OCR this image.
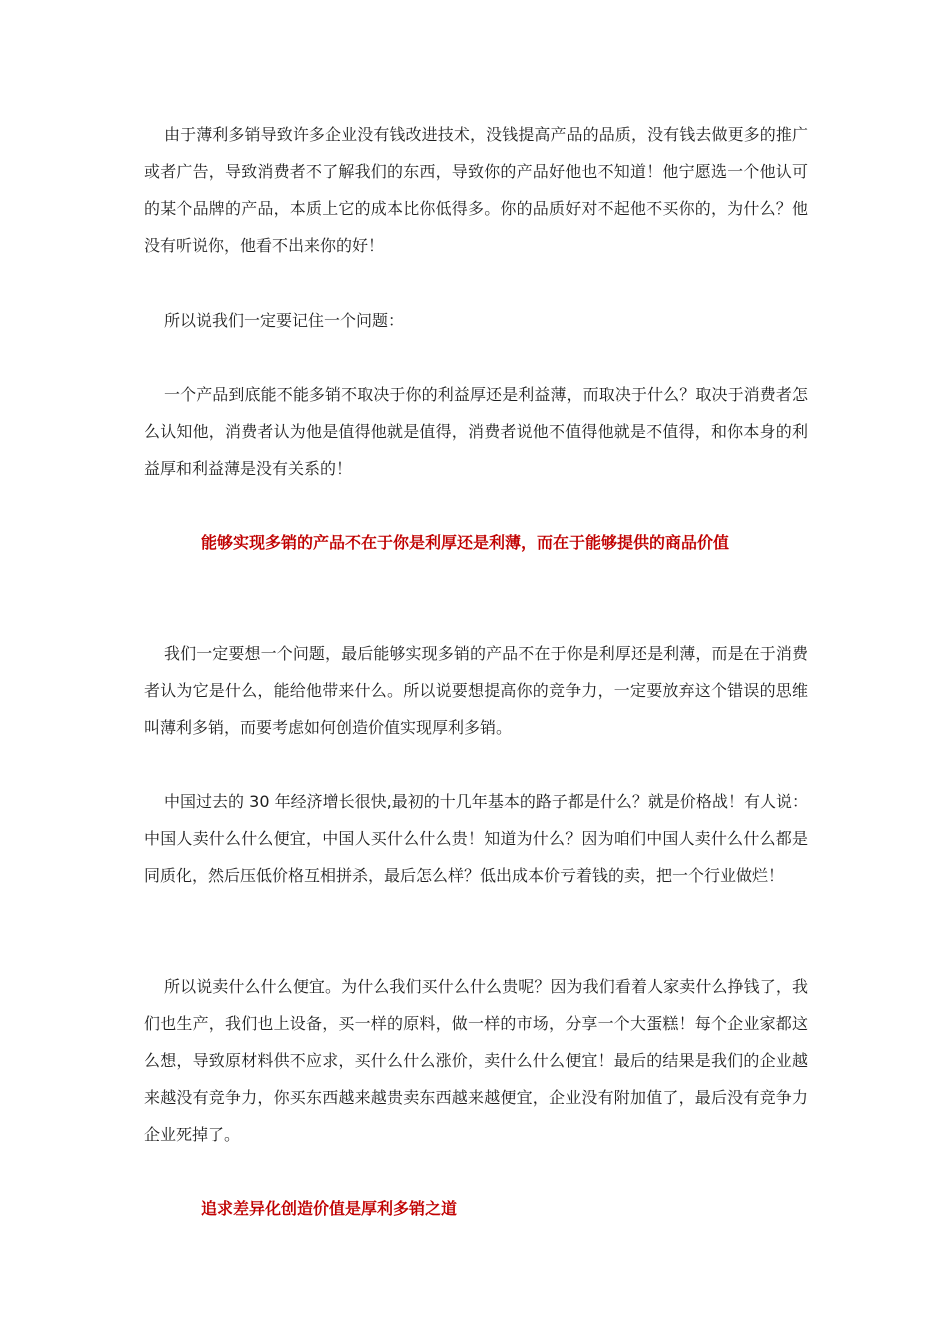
由于薄利多销导致许多企业没有钱改进技术，没钱提高产品的品质，没有钱去做更多的推广或者广告，导致消费者不了解我们的东西，导致你的产品好他也不知道！他宁愿选一个他认可的某个品牌的产品，本质上它的成本比你低得多。你的品质好对不起他不买你的，为什么？他没有听说你，他看不出来你的好！

所以说我们一定要记住一个问题：

一个产品到底能不能多销不取决于你的利益厚还是利益薄，而取决于什么？取决于消费者怎么认知他，消费者认为他是值得他就是值得，消费者说他不值得他就是不值得，和你本身的利益厚和利益薄是没有关系的！

能够实现多销的产品不在于你是利厚还是利薄，而在于能够提供的商品价值

我们一定要想一个问题，最后能够实现多销的产品不在于你是利厚还是利薄，而是在于消费者认为它是什么，能给他带来什么。所以说要想提高你的竞争力，一定要放弃这个错误的思维叫薄利多销，而要考虑如何创造价值实现厚利多销。

中国过去的 30 年经济增长很快,最初的十几年基本的路子都是什么？就是价格战！有人说：中国人卖什么什么便宜，中国人买什么什么贵！知道为什么？因为咱们中国人卖什么什么都是同质化，然后压低价格互相拼杀，最后怎么样？低出成本价亏着钱的卖，把一个行业做烂！

所以说卖什么什么便宜。为什么我们买什么什么贵呢？因为我们看着人家卖什么挣钱了，我们也生产，我们也上设备，买一样的原料，做一样的市场，分享一个大蛋糕！每个企业家都这么想，导致原材料供不应求，买什么什么涨价，卖什么什么便宜！最后的结果是我们的企业越来越没有竞争力，你买东西越来越贵卖东西越来越便宜，企业没有附加值了，最后没有竞争力企业死掉了。

追求差异化创造价值是厚利多销之道
